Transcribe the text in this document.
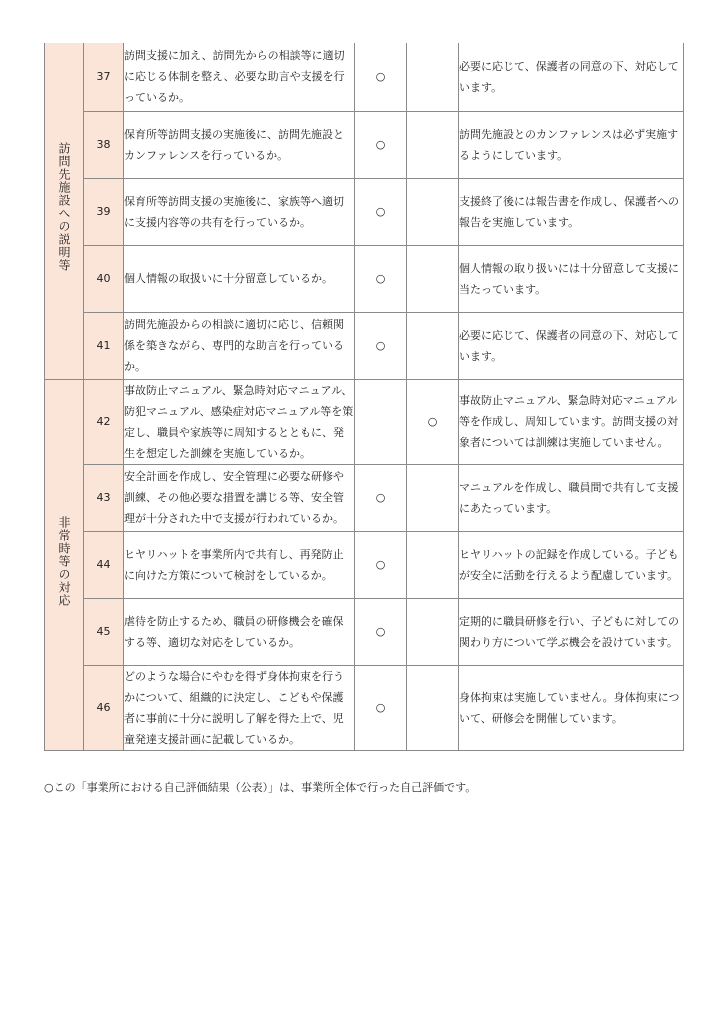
訪問先施設への説明等	37	訪問支援に加え、訪問先からの相談等に適切に応じる体制を整え、必要な助言や支援を行っているか。	○		必要に応じて、保護者の同意の下、対応しています。
	38	保育所等訪問支援の実施後に、訪問先施設とカンファレンスを行っているか。	○		訪問先施設とのカンファレンスは必ず実施するようにしています。
	39	保育所等訪問支援の実施後に、家族等へ適切に支援内容等の共有を行っているか。	○		支援終了後には報告書を作成し、保護者への報告を実施しています。
	40	個人情報の取扱いに十分留意しているか。	○		個人情報の取り扱いには十分留意して支援に当たっています。
	41	訪問先施設からの相談に適切に応じ、信頼関係を築きながら、専門的な助言を行っているか。	○		必要に応じて、保護者の同意の下、対応しています。
非常時等の対応	42	事故防止マニュアル、緊急時対応マニュアル、防犯マニュアル、感染症対応マニュアル等を策定し、職員や家族等に周知するとともに、発生を想定した訓練を実施しているか。		○	事故防止マニュアル、緊急時対応マニュアル等を作成し、周知しています。訪問支援の対象者については訓練は実施していません。
	43	安全計画を作成し、安全管理に必要な研修や訓練、その他必要な措置を講じる等、安全管理が十分された中で支援が行われているか。	○		マニュアルを作成し、職員間で共有して支援にあたっています。
	44	ヒヤリハットを事業所内で共有し、再発防止に向けた方策について検討をしているか。	○		ヒヤリハットの記録を作成している。子どもが安全に活動を行えるよう配慮しています。
	45	虐待を防止するため、職員の研修機会を確保する等、適切な対応をしているか。	○		定期的に職員研修を行い、子どもに対しての関わり方について学ぶ機会を設けています。
	46	どのような場合にやむを得ず身体拘束を行うかについて、組織的に決定し、こどもや保護者に事前に十分に説明し了解を得た上で、児童発達支援計画に記載しているか。	○		身体拘束は実施していません。身体拘束について、研修会を開催しています。
○この「事業所における自己評価結果（公表）」は、事業所全体で行った自己評価です。
